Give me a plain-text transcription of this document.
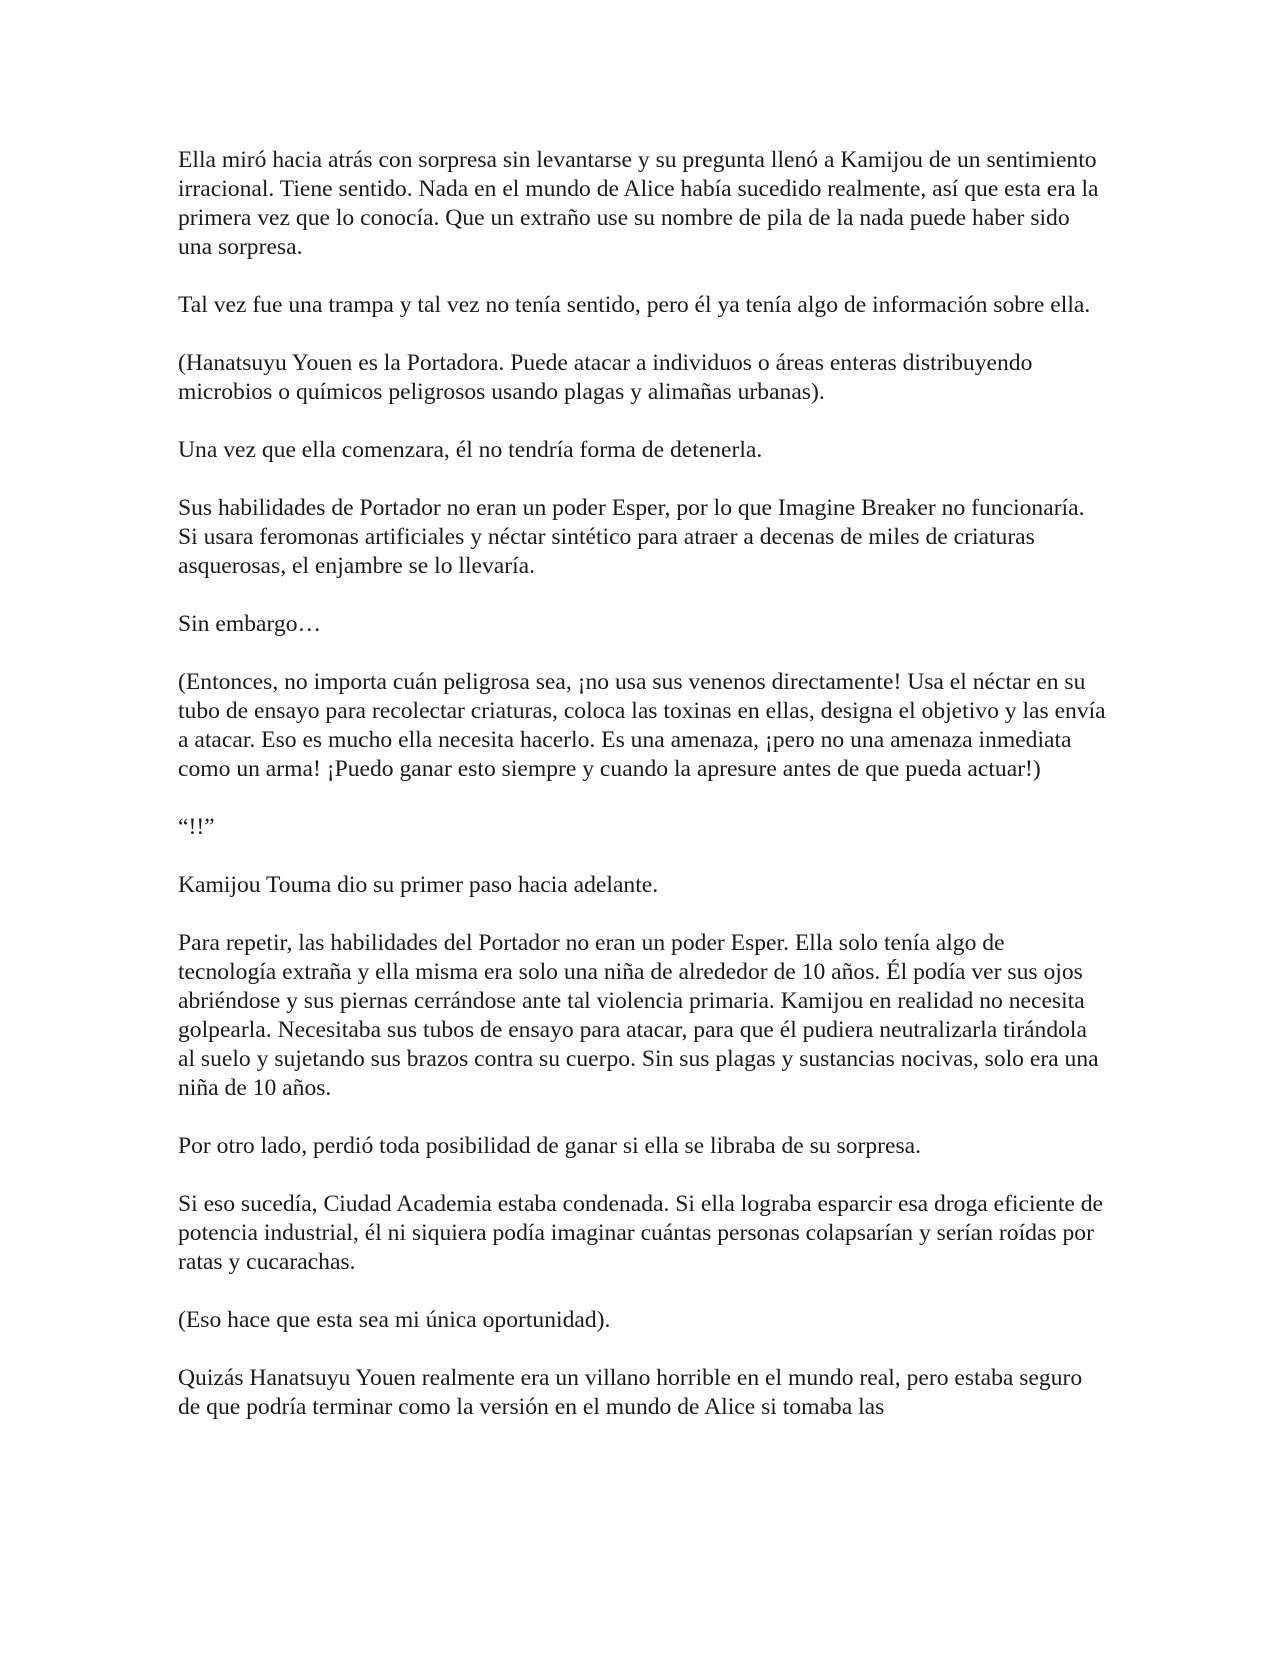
Ella miró hacia atrás con sorpresa sin levantarse y su pregunta llenó a Kamijou de un sentimiento irracional. Tiene sentido. Nada en el mundo de Alice había sucedido realmente, así que esta era la primera vez que lo conocía. Que un extraño use su nombre de pila de la nada puede haber sido una sorpresa.

Tal vez fue una trampa y tal vez no tenía sentido, pero él ya tenía algo de información sobre ella.

(Hanatsuyu Youen es la Portadora. Puede atacar a individuos o áreas enteras distribuyendo microbios o químicos peligrosos usando plagas y alimañas urbanas).

Una vez que ella comenzara, él no tendría forma de detenerla.

Sus habilidades de Portador no eran un poder Esper, por lo que Imagine Breaker no funcionaría. Si usara feromonas artificiales y néctar sintético para atraer a decenas de miles de criaturas asquerosas, el enjambre se lo llevaría.

Sin embargo…

(Entonces, no importa cuán peligrosa sea, ¡no usa sus venenos directamente! Usa el néctar en su tubo de ensayo para recolectar criaturas, coloca las toxinas en ellas, designa el objetivo y las envía a atacar. Eso es mucho ella necesita hacerlo. Es una amenaza, ¡pero no una amenaza inmediata como un arma! ¡Puedo ganar esto siempre y cuando la apresure antes de que pueda actuar!)

“!!”

Kamijou Touma dio su primer paso hacia adelante.

Para repetir, las habilidades del Portador no eran un poder Esper. Ella solo tenía algo de tecnología extraña y ella misma era solo una niña de alrededor de 10 años. Él podía ver sus ojos abriéndose y sus piernas cerrándose ante tal violencia primaria. Kamijou en realidad no necesita golpearla. Necesitaba sus tubos de ensayo para atacar, para que él pudiera neutralizarla tirándola al suelo y sujetando sus brazos contra su cuerpo. Sin sus plagas y sustancias nocivas, solo era una niña de 10 años.

Por otro lado, perdió toda posibilidad de ganar si ella se libraba de su sorpresa.

Si eso sucedía, Ciudad Academia estaba condenada. Si ella lograba esparcir esa droga eficiente de potencia industrial, él ni siquiera podía imaginar cuántas personas colapsarían y serían roídas por ratas y cucarachas.

(Eso hace que esta sea mi única oportunidad).

Quizás Hanatsuyu Youen realmente era un villano horrible en el mundo real, pero estaba seguro de que podría terminar como la versión en el mundo de Alice si tomaba las
